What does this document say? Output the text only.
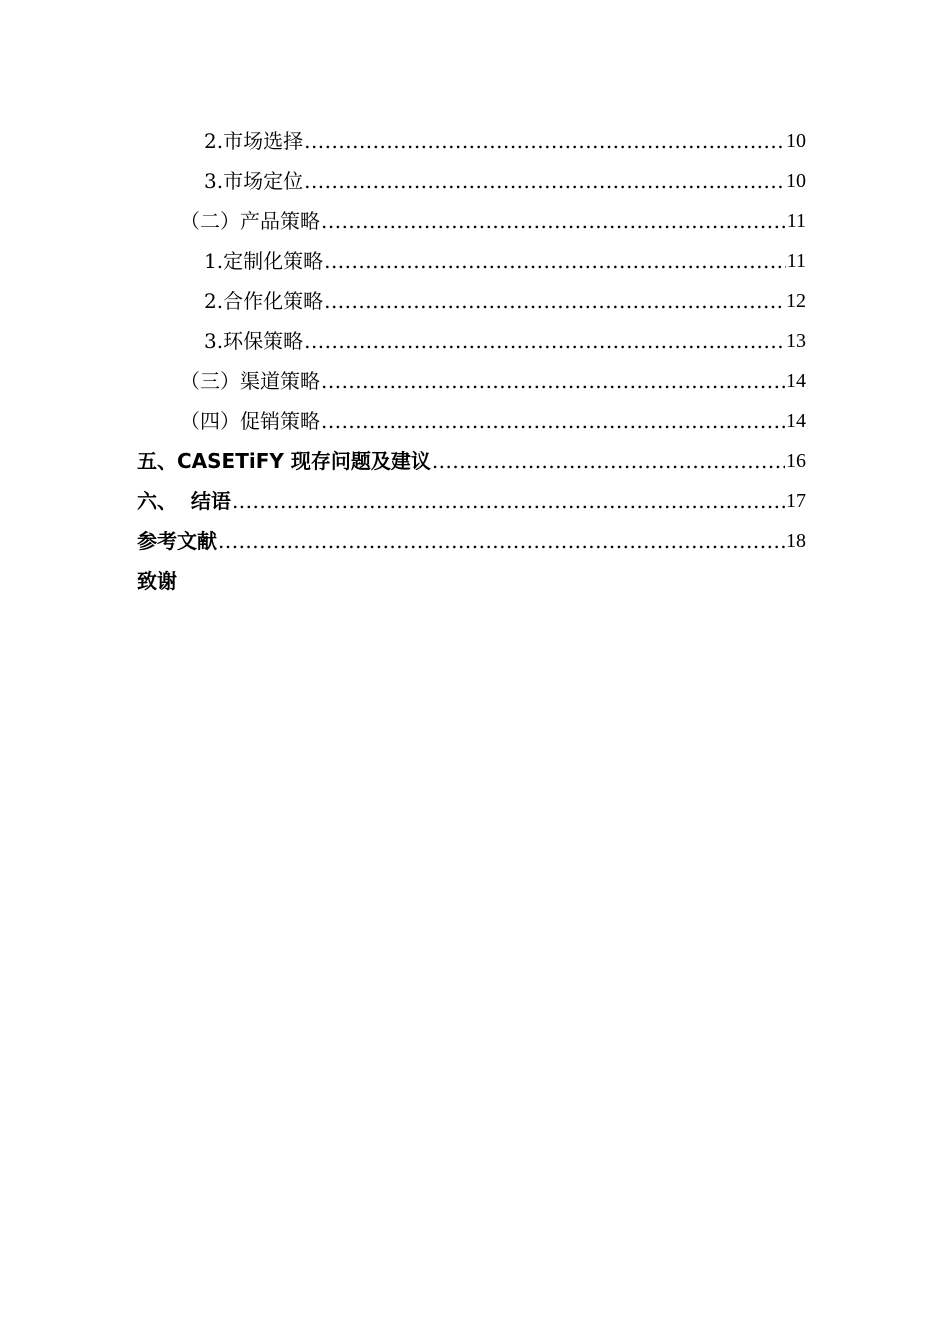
2.市场选择 .....	10
3.市场定位 .....	10
（二）产品策略 .....	11
1.定制化策略 .....	11
2.合作化策略 .....	12
3.环保策略 .....	13
（三）渠道策略 .....	14
（四）促销策略 .....	14
五、CASETiFY 现存问题及建议 .....	16
六、  结语 .....	17
参考文献 .....	18
致谢
